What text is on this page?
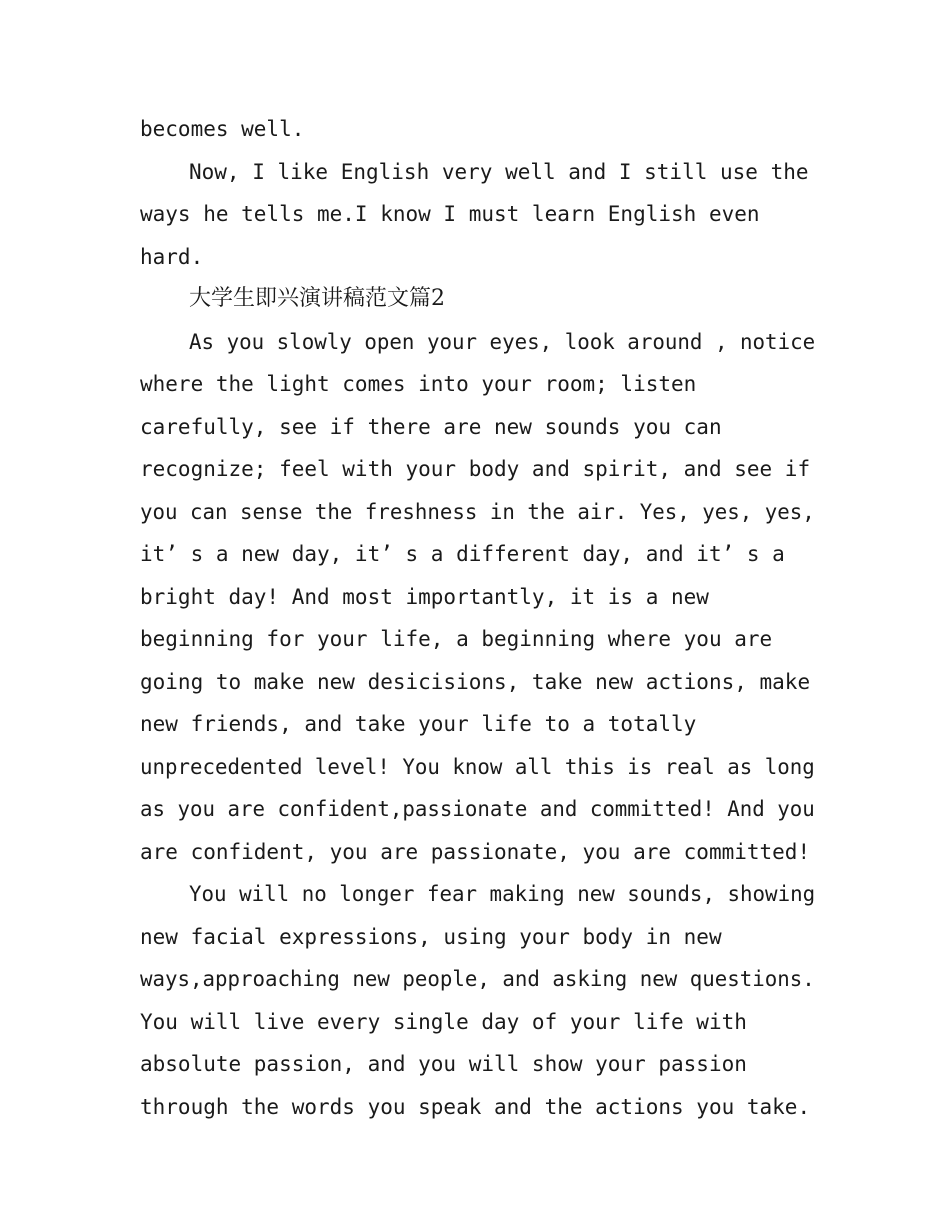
becomes well.
Now, I like English very well and I still use the
ways he tells me.I know I must learn English even
hard.
大学生即兴演讲稿范文篇2
As you slowly open your eyes, look around , notice
where the light comes into your room; listen
carefully, see if there are new sounds you can
recognize; feel with your body and spirit, and see if
you can sense the freshness in the air. Yes, yes, yes,
it’ s a new day, it’ s a different day, and it’ s a
bright day! And most importantly, it is a new
beginning for your life, a beginning where you are
going to make new desicisions, take new actions, make
new friends, and take your life to a totally
unprecedented level! You know all this is real as long
as you are confident,passionate and committed! And you
are confident, you are passionate, you are committed!
You will no longer fear making new sounds, showing
new facial expressions, using your body in new
ways,approaching new people, and asking new questions.
You will live every single day of your life with
absolute passion, and you will show your passion
through the words you speak and the actions you take.
